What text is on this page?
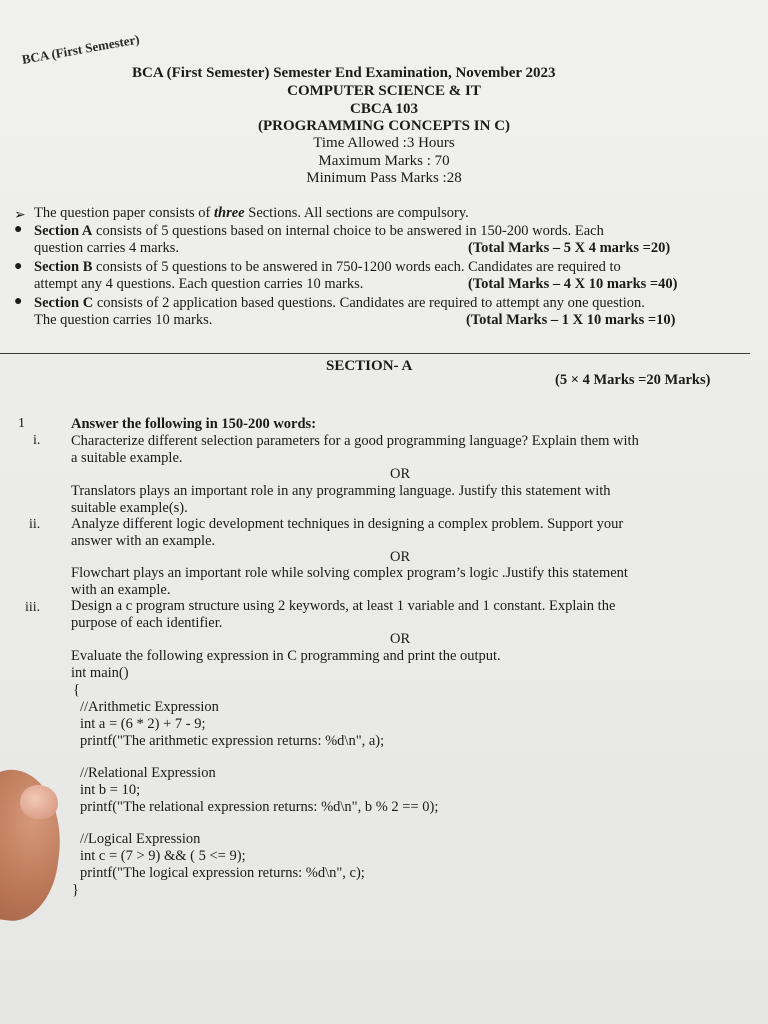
BCA (First Semester)
BCA (First Semester) Semester End Examination, November 2023
COMPUTER SCIENCE & IT
CBCA 103
(PROGRAMMING CONCEPTS IN C)
Time Allowed :3 Hours
Maximum Marks : 70
Minimum Pass Marks :28
➢ The question paper consists of three Sections. All sections are compulsory.
● Section A consists of 5 questions based on internal choice to be answered in 150-200 words. Each
question carries 4 marks.	(Total Marks – 5 X 4 marks =20)
● Section B consists of 5 questions to be answered in 750-1200 words each. Candidates are required to
attempt any 4 questions. Each question carries 10 marks.	(Total Marks – 4 X 10 marks =40)
● Section C consists of 2 application based questions. Candidates are required to attempt any one question.
The question carries 10 marks.	(Total Marks – 1 X 10 marks =10)
SECTION- A
(5 × 4 Marks =20 Marks)
1	Answer the following in 150-200 words:
i. Characterize different selection parameters for a good programming language? Explain them with
a suitable example.
OR
Translators plays an important role in any programming language. Justify this statement with
suitable example(s).
ii. Analyze different logic development techniques in designing a complex problem. Support your
answer with an example.
OR
Flowchart plays an important role while solving complex program’s logic .Justify this statement
with an example.
iii. Design a c program structure using 2 keywords, at least 1 variable and 1 constant. Explain the
purpose of each identifier.
OR
Evaluate the following expression in C programming and print the output.
int main()
{
//Arithmetic Expression
int a = (6 * 2) + 7 - 9;
printf("The arithmetic expression returns: %d\n", a);
//Relational Expression
int b = 10;
printf("The relational expression returns: %d\n", b % 2 == 0);
//Logical Expression
int c = (7 > 9) && ( 5 <= 9);
printf("The logical expression returns: %d\n", c);
}
